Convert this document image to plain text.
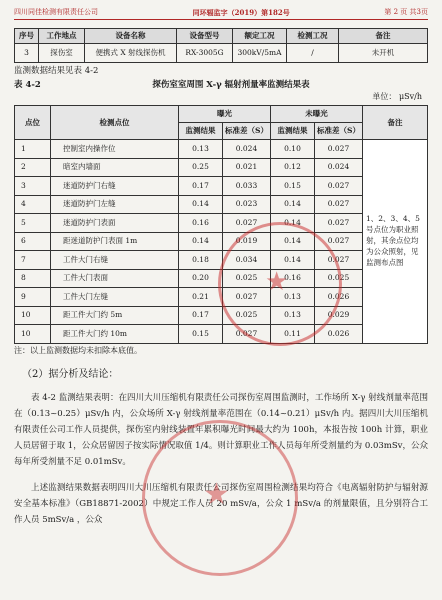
四川同佳检测有限责任公司	同环辐监字（2019）第182号	第 2 页 共3页
序号	工作地点	设备名称	设备型号	额定工况	检测工况	备注
3	探伤室	便携式 X 射线探伤机	RX-3005G	300kV/5mA	/	未开机
监测数据结果见表 4-2
表 4-2	探伤室室周围 X-γ 辐射剂量率监测结果表
单位： μSv/h
点位	检测点位	曝光		未曝光		备注
		监测结果	标准差（S）	监测结果	标准差（S）	
1	控制室内操作位	0.13	0.024	0.10	0.027	1、2、3、4、5 号点位为职业照射，其余点位均为公众照射，见监测布点图
2	暗室内墙面	0.25	0.021	0.12	0.024	
3	迷道防护门右缝	0.17	0.033	0.15	0.027	
4	迷道防护门左缝	0.14	0.023	0.14	0.027	
5	迷道防护门表面	0.16	0.027	0.14	0.027	
6	距迷道防护门表面 1m	0.14	0.019	0.14	0.027	
7	工件大门右缝	0.18	0.034	0.14	0.027	
8	工件大门表面	0.20	0.025	0.16	0.025	
9	工件大门左缝	0.21	0.027	0.13	0.026	
10	距工件大门约 5m	0.17	0.025	0.13	0.029	
10	距工件大门约 10m	0.15	0.027	0.11	0.026	
注：以上监测数据均未扣除本底值。
（2）据分析及结论：

表 4-2 监测结果表明：在四川大川压缩机有限责任公司探伤室周围监测时，工作场所 X-γ 射线剂量率范围在（0.13~0.25）μSv/h 内，公众场所 X-γ 射线剂量率范围在（0.14~0.21）μSv/h 内。据四川大川压缩机有限责任公司工作人员提供，探伤室内射线装置年累积曝光时间最大约为 100h，本报告按 100h 计算，职业人员居留于取 1，公众居留因子按实际情况取值 1/4。则计算职业工作人员每年所受剂量约为 0.03mSv，公众每年所受剂量不足 0.01mSv。

上述监测结果数据表明四川大川压缩机有限责任公司探伤室周围检测结果均符合《电离辐射防护与辐射源安全基本标准》（GB18871-2002）中规定工作人员 20 mSv/a，公众 1 mSv/a 的剂量限值，且分别符合工作人员 5mSv/a ，公众

★
★
